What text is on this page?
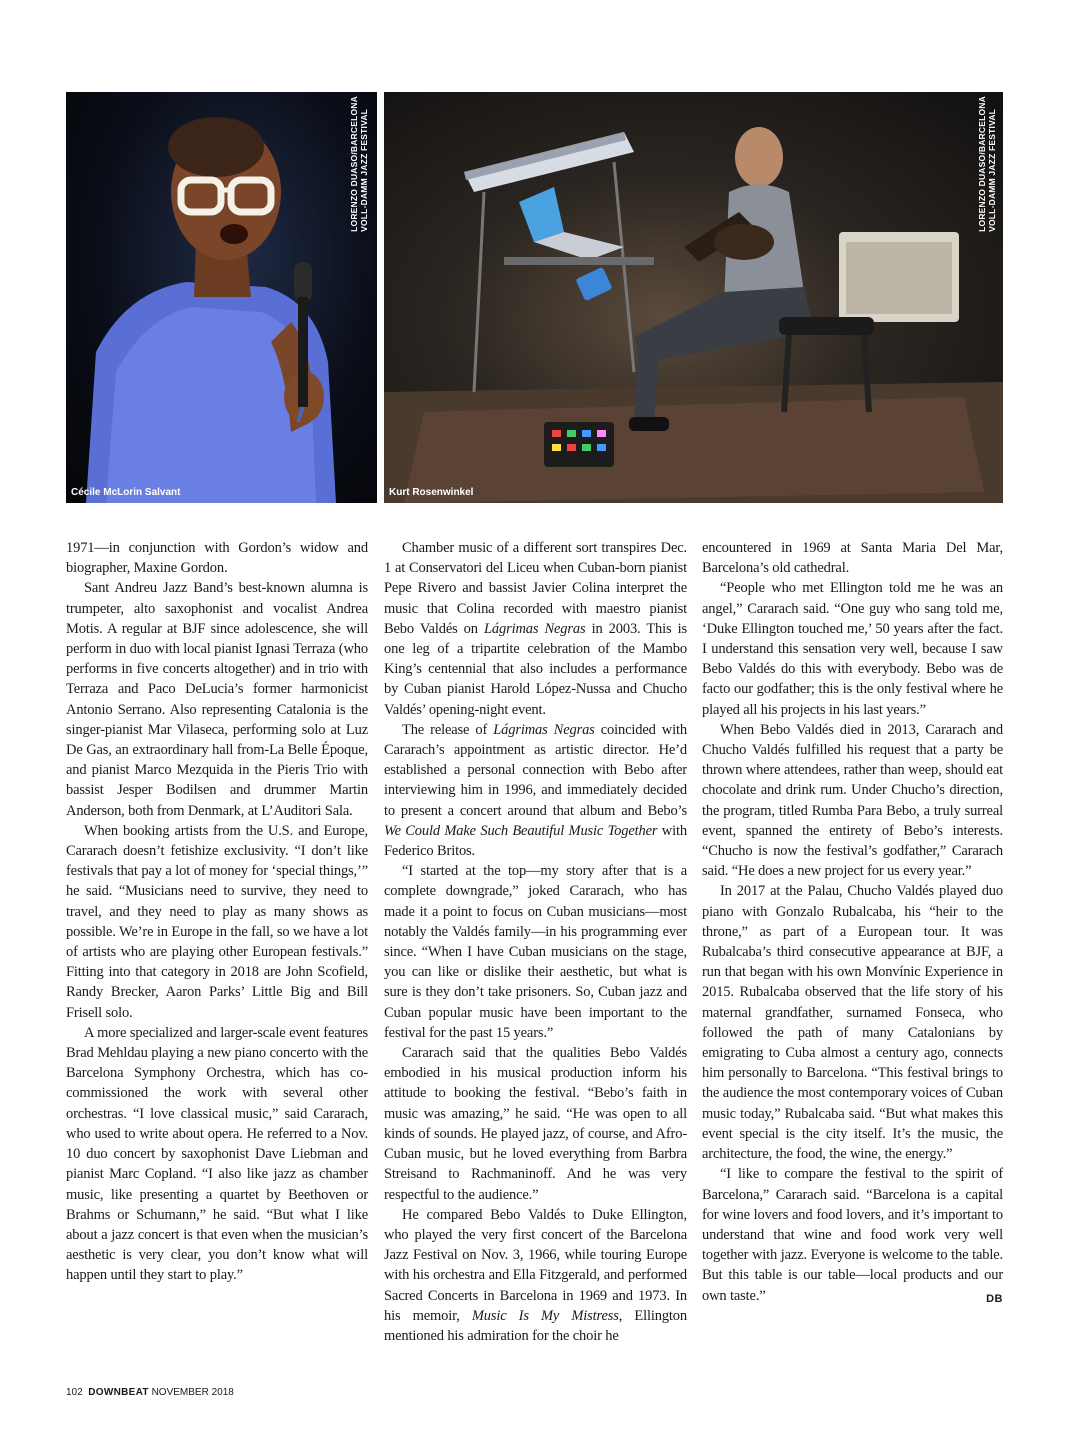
LORENZO DUASO/BARCELONA VOLL-DAMM JAZZ FESTIVAL
Cécile McLorin Salvant
LORENZO DUASO/BARCELONA VOLL-DAMM JAZZ FESTIVAL
Kurt Rosenwinkel

1971—in conjunction with Gordon’s widow and biographer, Maxine Gordon.

Sant Andreu Jazz Band’s best-known alumna is trumpeter, alto saxophonist and vocalist Andrea Motis. A regular at BJF since adolescence, she will perform in duo with local pianist Ignasi Terraza (who performs in five concerts altogether) and in trio with Terraza and Paco DeLucia’s former harmonicist Antonio Serrano. Also representing Catalonia is the singer-pianist Mar Vilaseca, performing solo at Luz De Gas, an extraordinary hall from-La Belle Époque, and pianist Marco Mezquida in the Pieris Trio with bassist Jesper Bodilsen and drummer Martin Anderson, both from Denmark, at L’Auditori Sala.

When booking artists from the U.S. and Europe, Cararach doesn’t fetishize exclusivity. “I don’t like festivals that pay a lot of money for ‘special things,’” he said. “Musicians need to survive, they need to travel, and they need to play as many shows as possible. We’re in Europe in the fall, so we have a lot of artists who are playing other European festivals.” Fitting into that category in 2018 are John Scofield, Randy Brecker, Aaron Parks’ Little Big and Bill Frisell solo.

A more specialized and larger-scale event features Brad Mehldau playing a new piano concerto with the Barcelona Symphony Orchestra, which has co-commissioned the work with several other orchestras. “I love classical music,” said Cararach, who used to write about opera. He referred to a Nov. 10 duo concert by saxophonist Dave Liebman and pianist Marc Copland. “I also like jazz as chamber music, like presenting a quartet by Beethoven or Brahms or Schumann,” he said. “But what I like about a jazz concert is that even when the musician’s aesthetic is very clear, you don’t know what will happen until they start to play.”

Chamber music of a different sort transpires Dec. 1 at Conservatori del Liceu when Cuban-born pianist Pepe Rivero and bassist Javier Colina interpret the music that Colina recorded with maestro pianist Bebo Valdés on Lágrimas Negras in 2003. This is one leg of a tripartite celebration of the Mambo King’s centennial that also includes a performance by Cuban pianist Harold López-Nussa and Chucho Valdés’ opening-night event.

The release of Lágrimas Negras coincided with Cararach’s appointment as artistic director. He’d established a personal connection with Bebo after interviewing him in 1996, and immediately decided to present a concert around that album and Bebo’s We Could Make Such Beautiful Music Together with Federico Britos.

“I started at the top—my story after that is a complete downgrade,” joked Cararach, who has made it a point to focus on Cuban musicians—most notably the Valdés family—in his programming ever since. “When I have Cuban musicians on the stage, you can like or dislike their aesthetic, but what is sure is they don’t take prisoners. So, Cuban jazz and Cuban popular music have been important to the festival for the past 15 years.”

Cararach said that the qualities Bebo Valdés embodied in his musical production inform his attitude to booking the festival. “Bebo’s faith in music was amazing,” he said. “He was open to all kinds of sounds. He played jazz, of course, and Afro-Cuban music, but he loved everything from Barbra Streisand to Rachmaninoff. And he was very respectful to the audience.”

He compared Bebo Valdés to Duke Ellington, who played the very first concert of the Barcelona Jazz Festival on Nov. 3, 1966, while touring Europe with his orchestra and Ella Fitzgerald, and performed Sacred Concerts in Barcelona in 1969 and 1973. In his memoir, Music Is My Mistress, Ellington mentioned his admiration for the choir he

encountered in 1969 at Santa Maria Del Mar, Barcelona’s old cathedral.

“People who met Ellington told me he was an angel,” Cararach said. “One guy who sang told me, ‘Duke Ellington touched me,’ 50 years after the fact. I understand this sensation very well, because I saw Bebo Valdés do this with everybody. Bebo was de facto our godfather; this is the only festival where he played all his projects in his last years.”

When Bebo Valdés died in 2013, Cararach and Chucho Valdés fulfilled his request that a party be thrown where attendees, rather than weep, should eat chocolate and drink rum. Under Chucho’s direction, the program, titled Rumba Para Bebo, a truly surreal event, spanned the entirety of Bebo’s interests. “Chucho is now the festival’s godfather,” Cararach said. “He does a new project for us every year.”

In 2017 at the Palau, Chucho Valdés played duo piano with Gonzalo Rubalcaba, his “heir to the throne,” as part of a European tour. It was Rubalcaba’s third consecutive appearance at BJF, a run that began with his own Monvínic Experience in 2015. Rubalcaba observed that the life story of his maternal grandfather, surnamed Fonseca, who followed the path of many Catalonians by emigrating to Cuba almost a century ago, connects him personally to Barcelona. “This festival brings to the audience the most contemporary voices of Cuban music today,” Rubalcaba said. “But what makes this event special is the city itself. It’s the music, the architecture, the food, the wine, the energy.”

“I like to compare the festival to the spirit of Barcelona,” Cararach said. “Barcelona is a capital for wine lovers and food lovers, and it’s important to understand that wine and food work very well together with jazz. Everyone is welcome to the table. But this table is our table—local products and our own taste.”	DB

102 DOWNBEAT NOVEMBER 2018
